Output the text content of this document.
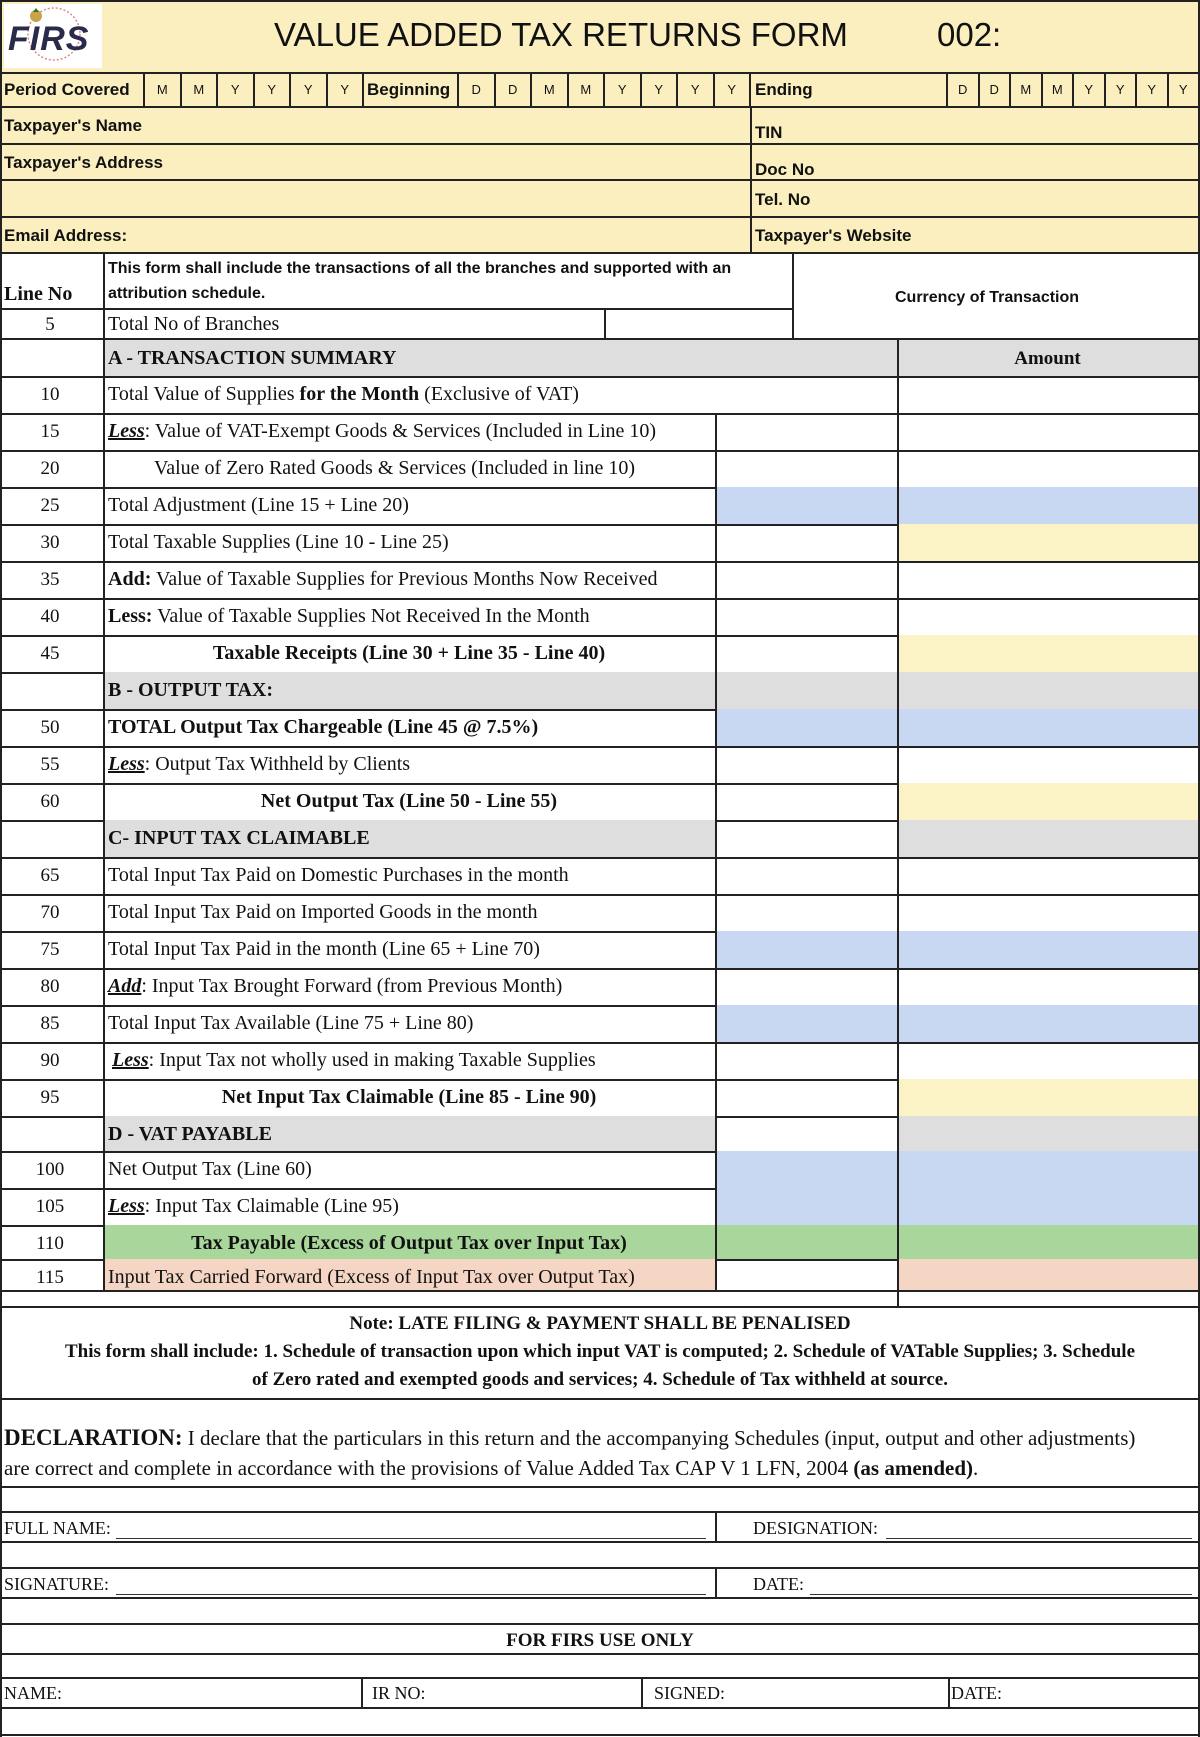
FIRS	VALUE ADDED TAX RETURNS FORM	002:
Period Covered	M	M	Y	Y	Y	Y	Beginning	D	D	M	M	Y	Y	Y	Y	Ending	D	D	M	M	Y	Y	Y	Y
Taxpayer's Name	TIN
Taxpayer's Address	Doc No
Tel. No
Email Address:	Taxpayer's Website
Line No
This form shall include the transactions of all the branches and supported with an
attribution schedule.	Currency of Transaction
5	Total No of Branches
A - TRANSACTION SUMMARY	Amount
10	Total Value of Supplies for the Month (Exclusive of VAT)
15	Less: Value of VAT-Exempt Goods & Services (Included in Line 10)
20	Value of Zero Rated Goods & Services (Included in line 10)
25	Total Adjustment (Line 15 + Line 20)
30	Total Taxable Supplies (Line 10 - Line 25)
35	Add: Value of Taxable Supplies for Previous Months Now Received
40	Less: Value of Taxable Supplies Not Received In the Month
45	Taxable Receipts (Line 30 + Line 35 - Line 40)
B - OUTPUT TAX:
50	TOTAL Output Tax Chargeable (Line 45 @ 7.5%)
55	Less: Output Tax Withheld by Clients
60	Net Output Tax (Line 50 - Line 55)
C- INPUT TAX CLAIMABLE
65	Total Input Tax Paid on Domestic Purchases in the month
70	Total Input Tax Paid on Imported Goods in the month
75	Total Input Tax Paid in the month (Line 65 + Line 70)
80	Add: Input Tax Brought Forward (from Previous Month)
85	Total Input Tax Available (Line 75 + Line 80)
90	Less: Input Tax not wholly used in making Taxable Supplies
95	Net Input Tax Claimable (Line 85 - Line 90)
D - VAT PAYABLE
100	Net Output Tax (Line 60)
105	Less: Input Tax Claimable (Line 95)
110	Tax Payable (Excess of Output Tax over Input Tax)
115	Input Tax Carried Forward (Excess of Input Tax over Output Tax)
Note: LATE FILING & PAYMENT SHALL BE PENALISED
This form shall include: 1. Schedule of transaction upon which input VAT is computed; 2. Schedule of VATable Supplies; 3. Schedule
of Zero rated and exempted goods and services; 4. Schedule of Tax withheld at source.
DECLARATION: I declare that the particulars in this return and the accompanying Schedules (input, output and other adjustments)
are correct and complete in accordance with the provisions of Value Added Tax CAP V 1 LFN, 2004 (as amended).
FULL NAME:	DESIGNATION:
SIGNATURE:	DATE:
FOR FIRS USE ONLY
NAME:	IR NO:	SIGNED:	DATE:
